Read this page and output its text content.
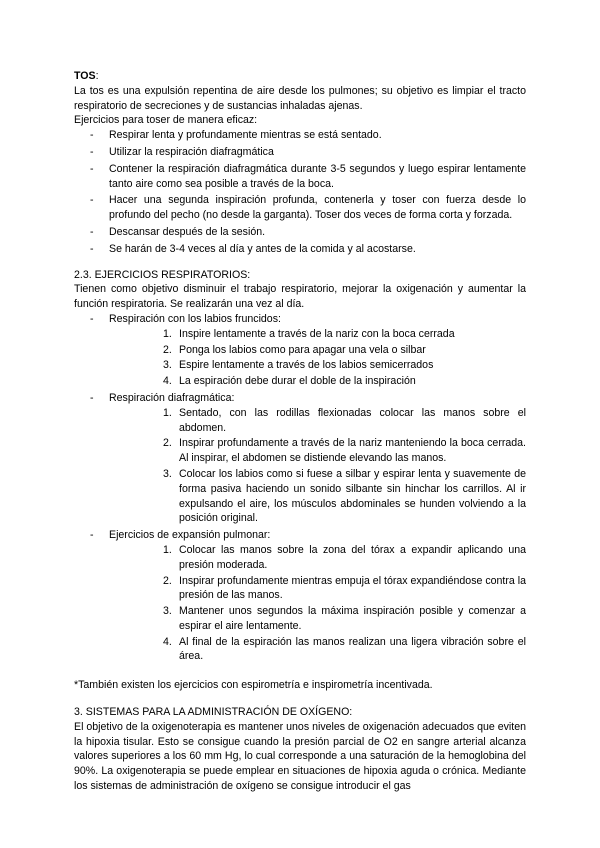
TOS:

La tos es una expulsión repentina de aire desde los pulmones; su objetivo es limpiar el tracto respiratorio de secreciones y de sustancias inhaladas ajenas.

Ejercicios para toser de manera eficaz:

- Respirar lenta y profundamente mientras se está sentado.
- Utilizar la respiración diafragmática
- Contener la respiración diafragmática durante 3-5 segundos y luego espirar lentamente tanto aire como sea posible a través de la boca.
- Hacer una segunda inspiración profunda, contenerla y toser con fuerza desde lo profundo del pecho (no desde la garganta). Toser dos veces de forma corta y forzada.
- Descansar después de la sesión.
- Se harán de 3-4 veces al día y antes de la comida y al acostarse.

2.3. EJERCICIOS RESPIRATORIOS:

Tienen como objetivo disminuir el trabajo respiratorio, mejorar la oxigenación y aumentar la función respiratoria. Se realizarán una vez al día.

- Respiración con los labios fruncidos:
1. Inspire lentamente a través de la nariz con la boca cerrada
2. Ponga los labios como para apagar una vela o silbar
3. Espire lentamente a través de los labios semicerrados
4. La espiración debe durar el doble de la inspiración
- Respiración diafragmática:
1. Sentado, con las rodillas flexionadas colocar las manos sobre el abdomen.
2. Inspirar profundamente a través de la nariz manteniendo la boca cerrada. Al inspirar, el abdomen se distiende elevando las manos.
3. Colocar los labios como si fuese a silbar y espirar lenta y suavemente de forma pasiva haciendo un sonido silbante sin hinchar los carrillos. Al ir expulsando el aire, los músculos abdominales se hunden volviendo a la posición original.
- Ejercicios de expansión pulmonar:
1. Colocar las manos sobre la zona del tórax a expandir aplicando una presión moderada.
2. Inspirar profundamente mientras empuja el tórax expandiéndose contra la presión de las manos.
3. Mantener unos segundos la máxima inspiración posible y comenzar a espirar el aire lentamente.
4. Al final de la espiración las manos realizan una ligera vibración sobre el área.

*También existen los ejercicios con espirometría e inspirometría incentivada.

3. SISTEMAS PARA LA ADMINISTRACIÓN DE OXÍGENO:

El objetivo de la oxigenoterapia es mantener unos niveles de oxigenación adecuados que eviten la hipoxia tisular. Esto se consigue cuando la presión parcial de O2 en sangre arterial alcanza valores superiores a los 60 mm Hg, lo cual corresponde a una saturación de la hemoglobina del 90%. La oxigenoterapia se puede emplear en situaciones de hipoxia aguda o crónica. Mediante los sistemas de administración de oxígeno se consigue introducir el gas
